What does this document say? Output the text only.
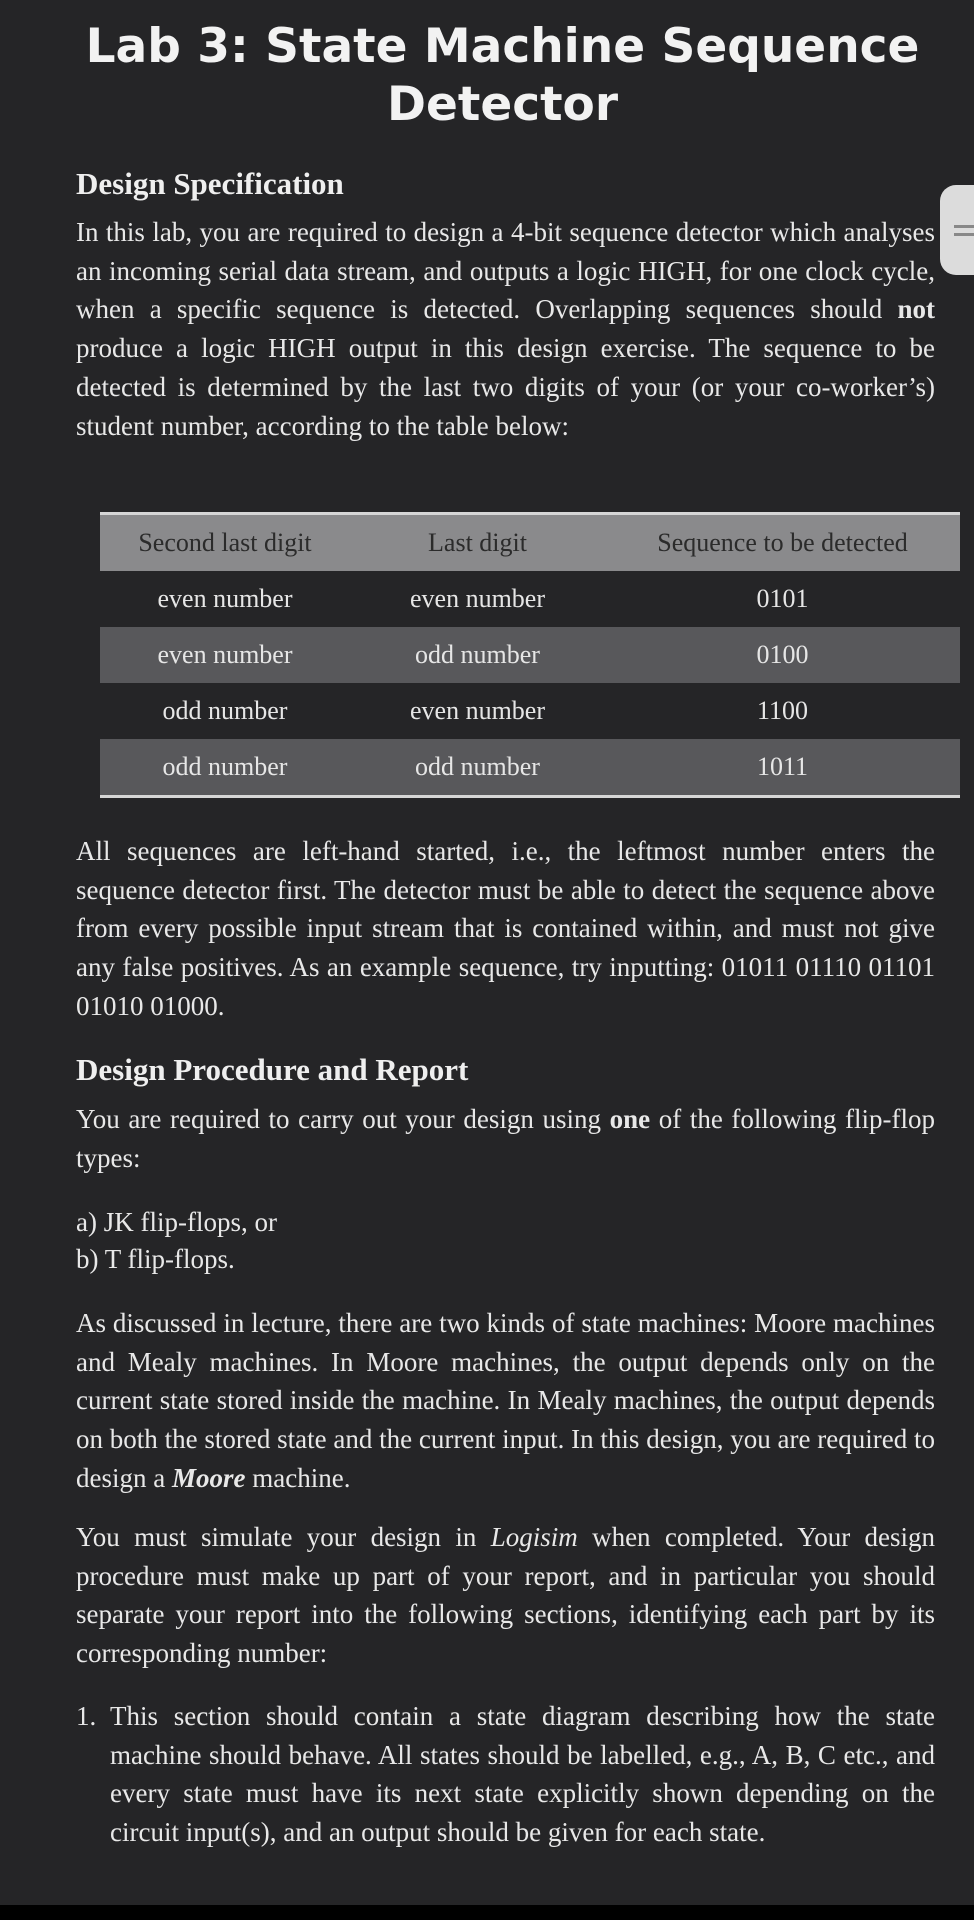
Lab 3: State Machine Sequence Detector
Design Specification
In this lab, you are required to design a 4-bit sequence detector which analyses an incoming serial data stream, and outputs a logic HIGH, for one clock cycle, when a specific sequence is detected. Overlapping sequences should not produce a logic HIGH output in this design exercise. The sequence to be detected is determined by the last two digits of your (or your co-worker’s) student number, according to the table below:
Second last digit	Last digit	Sequence to be detected
even number	even number	0101
even number	odd number	0100
odd number	even number	1100
odd number	odd number	1011
All sequences are left-hand started, i.e., the leftmost number enters the sequence detector first. The detector must be able to detect the sequence above from every possible input stream that is contained within, and must not give any false positives. As an example sequence, try inputting: 01011 01110 01101 01010 01000.
Design Procedure and Report
You are required to carry out your design using one of the following flip-flop types:
a) JK flip-flops, or
b) T flip-flops.
As discussed in lecture, there are two kinds of state machines: Moore machines and Mealy machines. In Moore machines, the output depends only on the current state stored inside the machine. In Mealy machines, the output depends on both the stored state and the current input. In this design, you are required to design a Moore machine.
You must simulate your design in Logisim when completed. Your design procedure must make up part of your report, and in particular you should separate your report into the following sections, identifying each part by its corresponding number:
1. This section should contain a state diagram describing how the state machine should behave. All states should be labelled, e.g., A, B, C etc., and every state must have its next state explicitly shown depending on the circuit input(s), and an output should be given for each state.
